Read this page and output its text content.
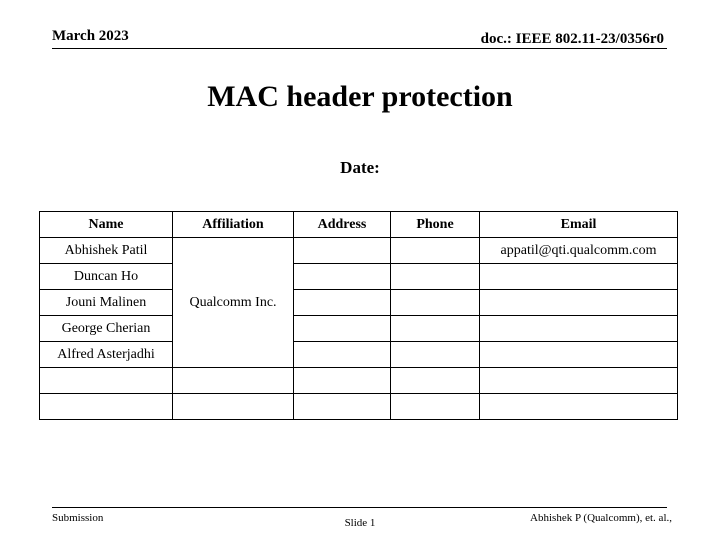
March 2023	doc.: IEEE 802.11-23/0356r0
MAC header protection
Date:
Name	Affiliation	Address	Phone	Email
Abhishek Patil	Qualcomm Inc.			appatil@qti.qualcomm.com
Duncan Ho				
Jouni Malinen				
George Cherian				
Alfred Asterjadhi				

Submission	Slide 1	Abhishek P (Qualcomm), et. al.,
